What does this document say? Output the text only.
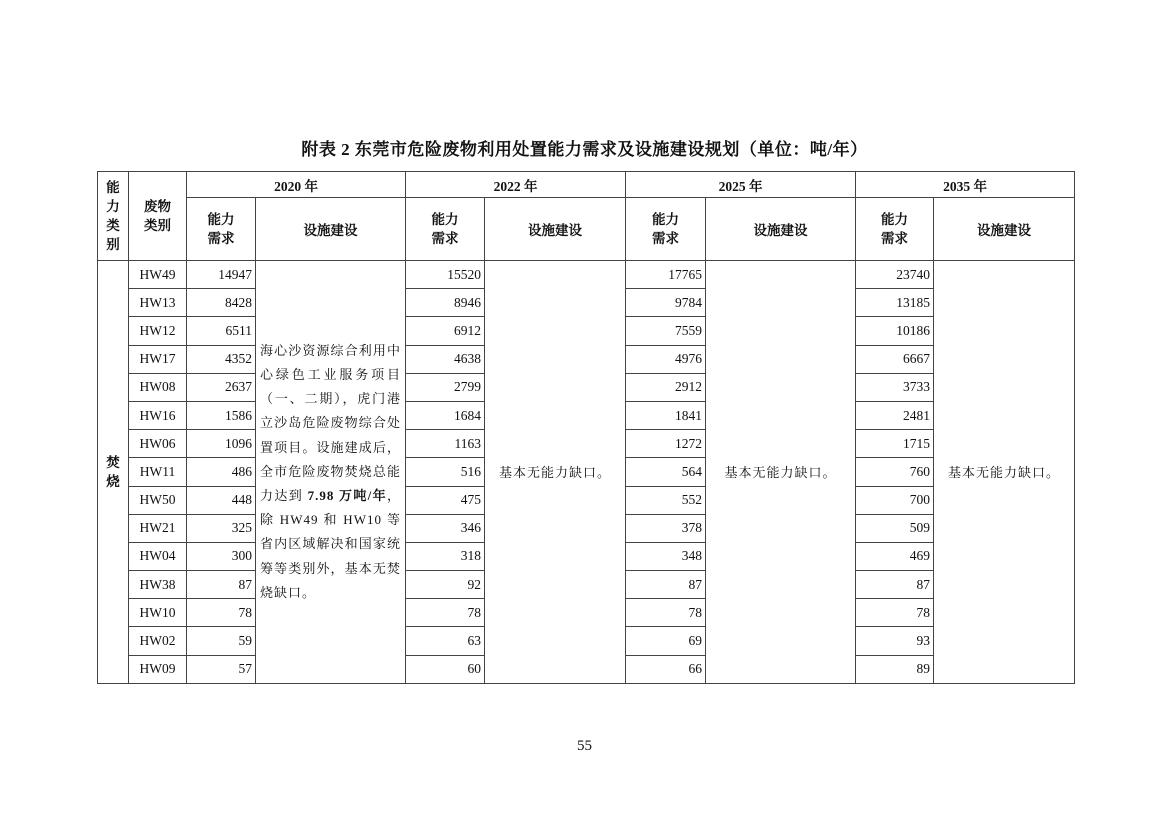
附表 2 东莞市危险废物利用处置能力需求及设施建设规划（单位：吨/年）
能力类别	废物类别	2020 年		2022 年		2025 年		2035 年	
		能力需求	设施建设	能力需求	设施建设	能力需求	设施建设	能力需求	设施建设
焚烧	HW49	14947	海心沙资源综合利用中心绿色工业服务项目（一、二期），虎门港立沙岛危险废物综合处置项目。设施建成后，全市危险废物焚烧总能力达到 7.98 万吨/年，除 HW49 和 HW10 等省内区域解决和国家统筹等类别外，基本无焚烧缺口。	15520	基本无能力缺口。	17765	基本无能力缺口。	23740	基本无能力缺口。
	HW13	8428		8946		9784		13185	
	HW12	6511		6912		7559		10186	
	HW17	4352		4638		4976		6667	
	HW08	2637		2799		2912		3733	
	HW16	1586		1684		1841		2481	
	HW06	1096		1163		1272		1715	
	HW11	486		516		564		760	
	HW50	448		475		552		700	
	HW21	325		346		378		509	
	HW04	300		318		348		469	
	HW38	87		92		87		87	
	HW10	78		78		78		78	
	HW02	59		63		69		93	
	HW09	57		60		66		89	
55
